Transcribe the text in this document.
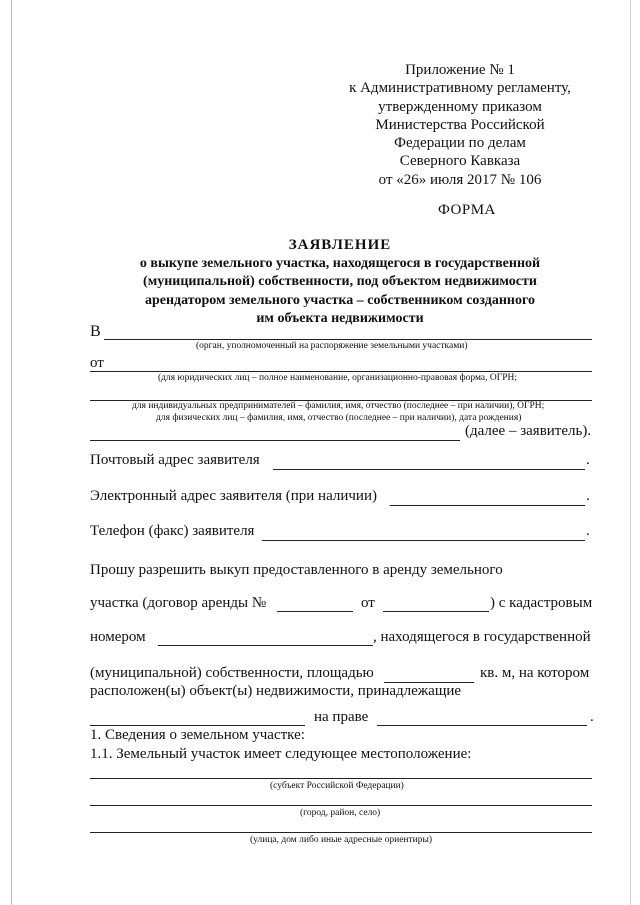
Приложение № 1
к Административному регламенту,
утвержденному приказом
Министерства Российской
Федерации по делам
Северного Кавказа
от «26» июля 2017 № 106
ФОРМА
ЗАЯВЛЕНИЕ
о выкупе земельного участка, находящегося в государственной
(муниципальной) собственности, под объектом недвижимости
арендатором земельного участка – собственником созданного
им объекта недвижимости
В
(орган, уполномоченный на распоряжение земельными участками)
от
(для юридических лиц – полное наименование, организационно-правовая форма, ОГРН;
для индивидуальных предпринимателей – фамилия, имя, отчество (последнее – при наличии), ОГРН;
для физических лиц – фамилия, имя, отчество (последнее – при наличии), дата рождения)
(далее – заявитель).
Почтовый адрес заявителя	.
Электронный адрес заявителя (при наличии)	.
Телефон (факс) заявителя	.
Прошу разрешить выкуп предоставленного в аренду земельного
участка (договор аренды №	от	) с кадастровым
номером	, находящегося в государственной
(муниципальной) собственности, площадью	кв. м, на котором
расположен(ы) объект(ы) недвижимости, принадлежащие
на праве	.
1. Сведения о земельном участке:
1.1. Земельный участок имеет следующее местоположение:
(субъект Российской Федерации)
(город, район, село)
(улица, дом либо иные адресные ориентиры)
